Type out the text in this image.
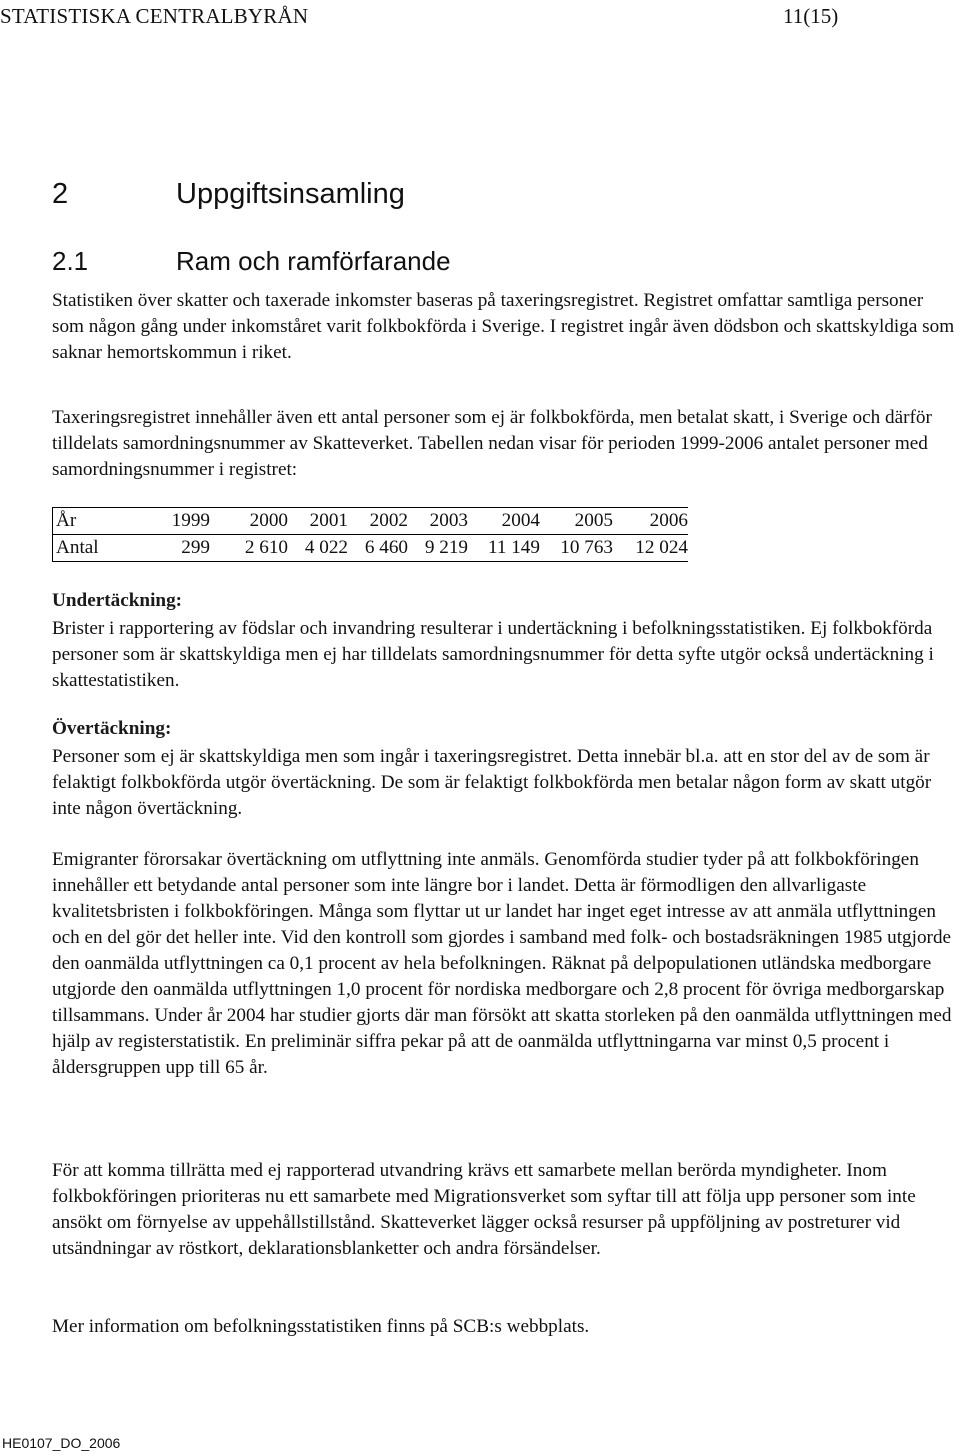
STATISTISKA CENTRALBYRÅN	11(15)
2	Uppgiftsinsamling
2.1	Ram och ramförfarande
Statistiken över skatter och taxerade inkomster baseras på taxeringsregistret. Registret omfattar samtliga personer som någon gång under inkomståret varit folkbokförda i Sverige. I registret ingår även dödsbon och skattskyldiga som saknar hemortskommun i riket.
Taxeringsregistret innehåller även ett antal personer som ej är folkbokförda, men betalat skatt, i Sverige och därför tilldelats samordningsnummer av Skatteverket. Tabellen nedan visar för perioden 1999-2006 antalet personer med samordningsnummer i registret:
År	1999	2000	2001	2002	2003	2004	2005	2006
Antal	299	2 610	4 022	6 460	9 219	11 149	10 763	12 024
Undertäckning:
Brister i rapportering av födslar och invandring resulterar i undertäckning i befolkningsstatistiken. Ej folkbokförda personer som är skattskyldiga men ej har tilldelats samordningsnummer för detta syfte utgör också undertäckning i skattestatistiken.
Övertäckning:
Personer som ej är skattskyldiga men som ingår i taxeringsregistret. Detta innebär bl.a. att en stor del av de som är felaktigt folkbokförda utgör övertäckning. De som är felaktigt folkbokförda men betalar någon form av skatt utgör inte någon övertäckning.
Emigranter förorsakar övertäckning om utflyttning inte anmäls. Genomförda studier tyder på att folkbokföringen innehåller ett betydande antal personer som inte längre bor i landet. Detta är förmodligen den allvarligaste kvalitetsbristen i folkbokföringen. Många som flyttar ut ur landet har inget eget intresse av att anmäla utflyttningen och en del gör det heller inte. Vid den kontroll som gjordes i samband med folk- och bostadsräkningen 1985 utgjorde den oanmälda utflyttningen ca 0,1 procent av hela befolkningen. Räknat på delpopulationen utländska medborgare utgjorde den oanmälda utflyttningen 1,0 procent för nordiska medborgare och 2,8 procent för övriga medborgarskap tillsammans. Under år 2004 har studier gjorts där man försökt att skatta storleken på den oanmälda utflyttningen med hjälp av registerstatistik. En preliminär siffra pekar på att de oanmälda utflyttningarna var minst 0,5 procent i åldersgruppen upp till 65 år.
För att komma tillrätta med ej rapporterad utvandring krävs ett samarbete mellan berörda myndigheter. Inom folkbokföringen prioriteras nu ett samarbete med Migrationsverket som syftar till att följa upp personer som inte ansökt om förnyelse av uppehållstillstånd. Skatteverket lägger också resurser på uppföljning av postreturer vid utsändningar av röstkort, deklarationsblanketter och andra försändelser.
Mer information om befolkningsstatistiken finns på SCB:s webbplats.
HE0107_DO_2006
